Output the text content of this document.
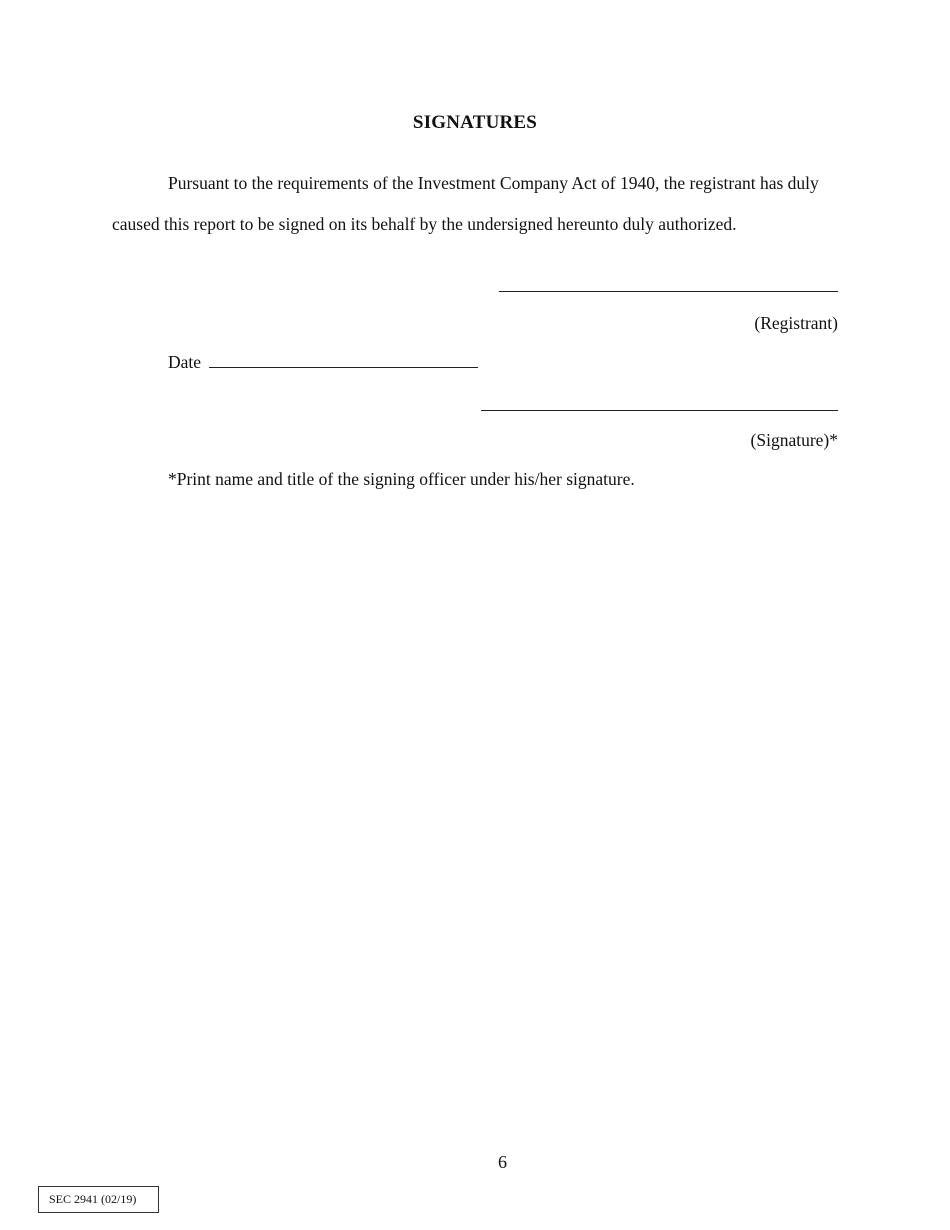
SIGNATURES
Pursuant to the requirements of the Investment Company Act of 1940, the registrant has duly
caused this report to be signed on its behalf by the undersigned hereunto duly authorized.
(Registrant)
Date
(Signature)*
*Print name and title of the signing officer under his/her signature.
6
SEC 2941 (02/19)
